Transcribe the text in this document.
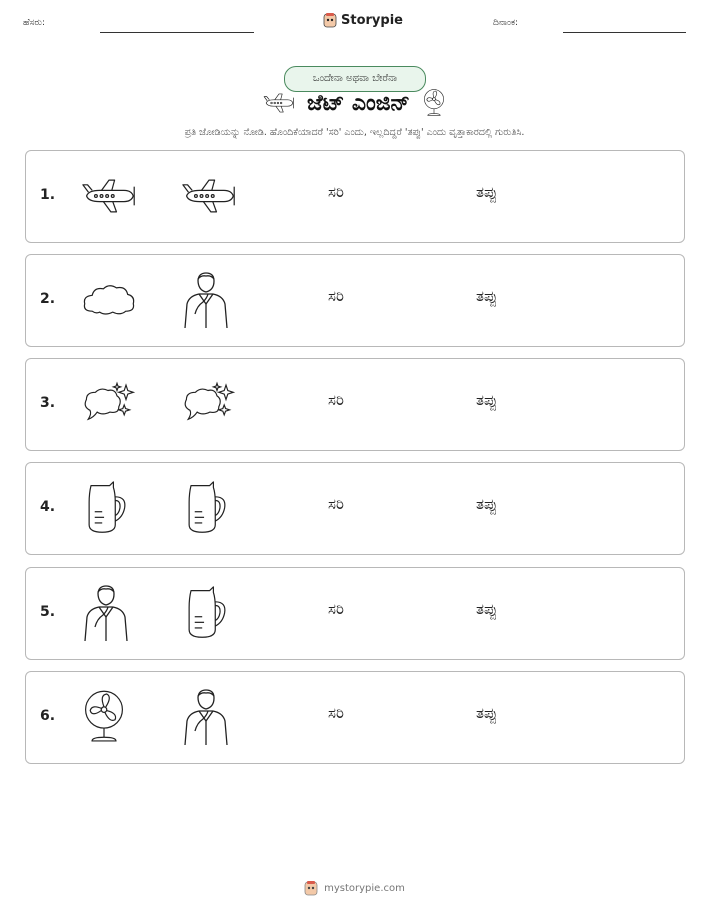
ಹೆಸರು:	Storypie	ದಿನಾಂಕ:
ಒಂದೇನಾ ಅಥವಾ ಬೇರೆನಾ
ಜೆಟ್ ಎಂಜಿನ್
ಪ್ರತಿ ಜೋಡಿಯನ್ನು ನೋಡಿ. ಹೊಂದಿಕೆಯಾದರೆ 'ಸರಿ' ಎಂದು, ಇಲ್ಲದಿದ್ದರೆ 'ತಪ್ಪು' ಎಂದು ವೃತ್ತಾಕಾರದಲ್ಲಿ ಗುರುತಿಸಿ.
1.	ಸರಿ	ತಪ್ಪು
2.	ಸರಿ	ತಪ್ಪು
3.	ಸರಿ	ತಪ್ಪು
4.	ಸರಿ	ತಪ್ಪು
5.	ಸರಿ	ತಪ್ಪು
6.	ಸರಿ	ತಪ್ಪು
mystorypie.com
